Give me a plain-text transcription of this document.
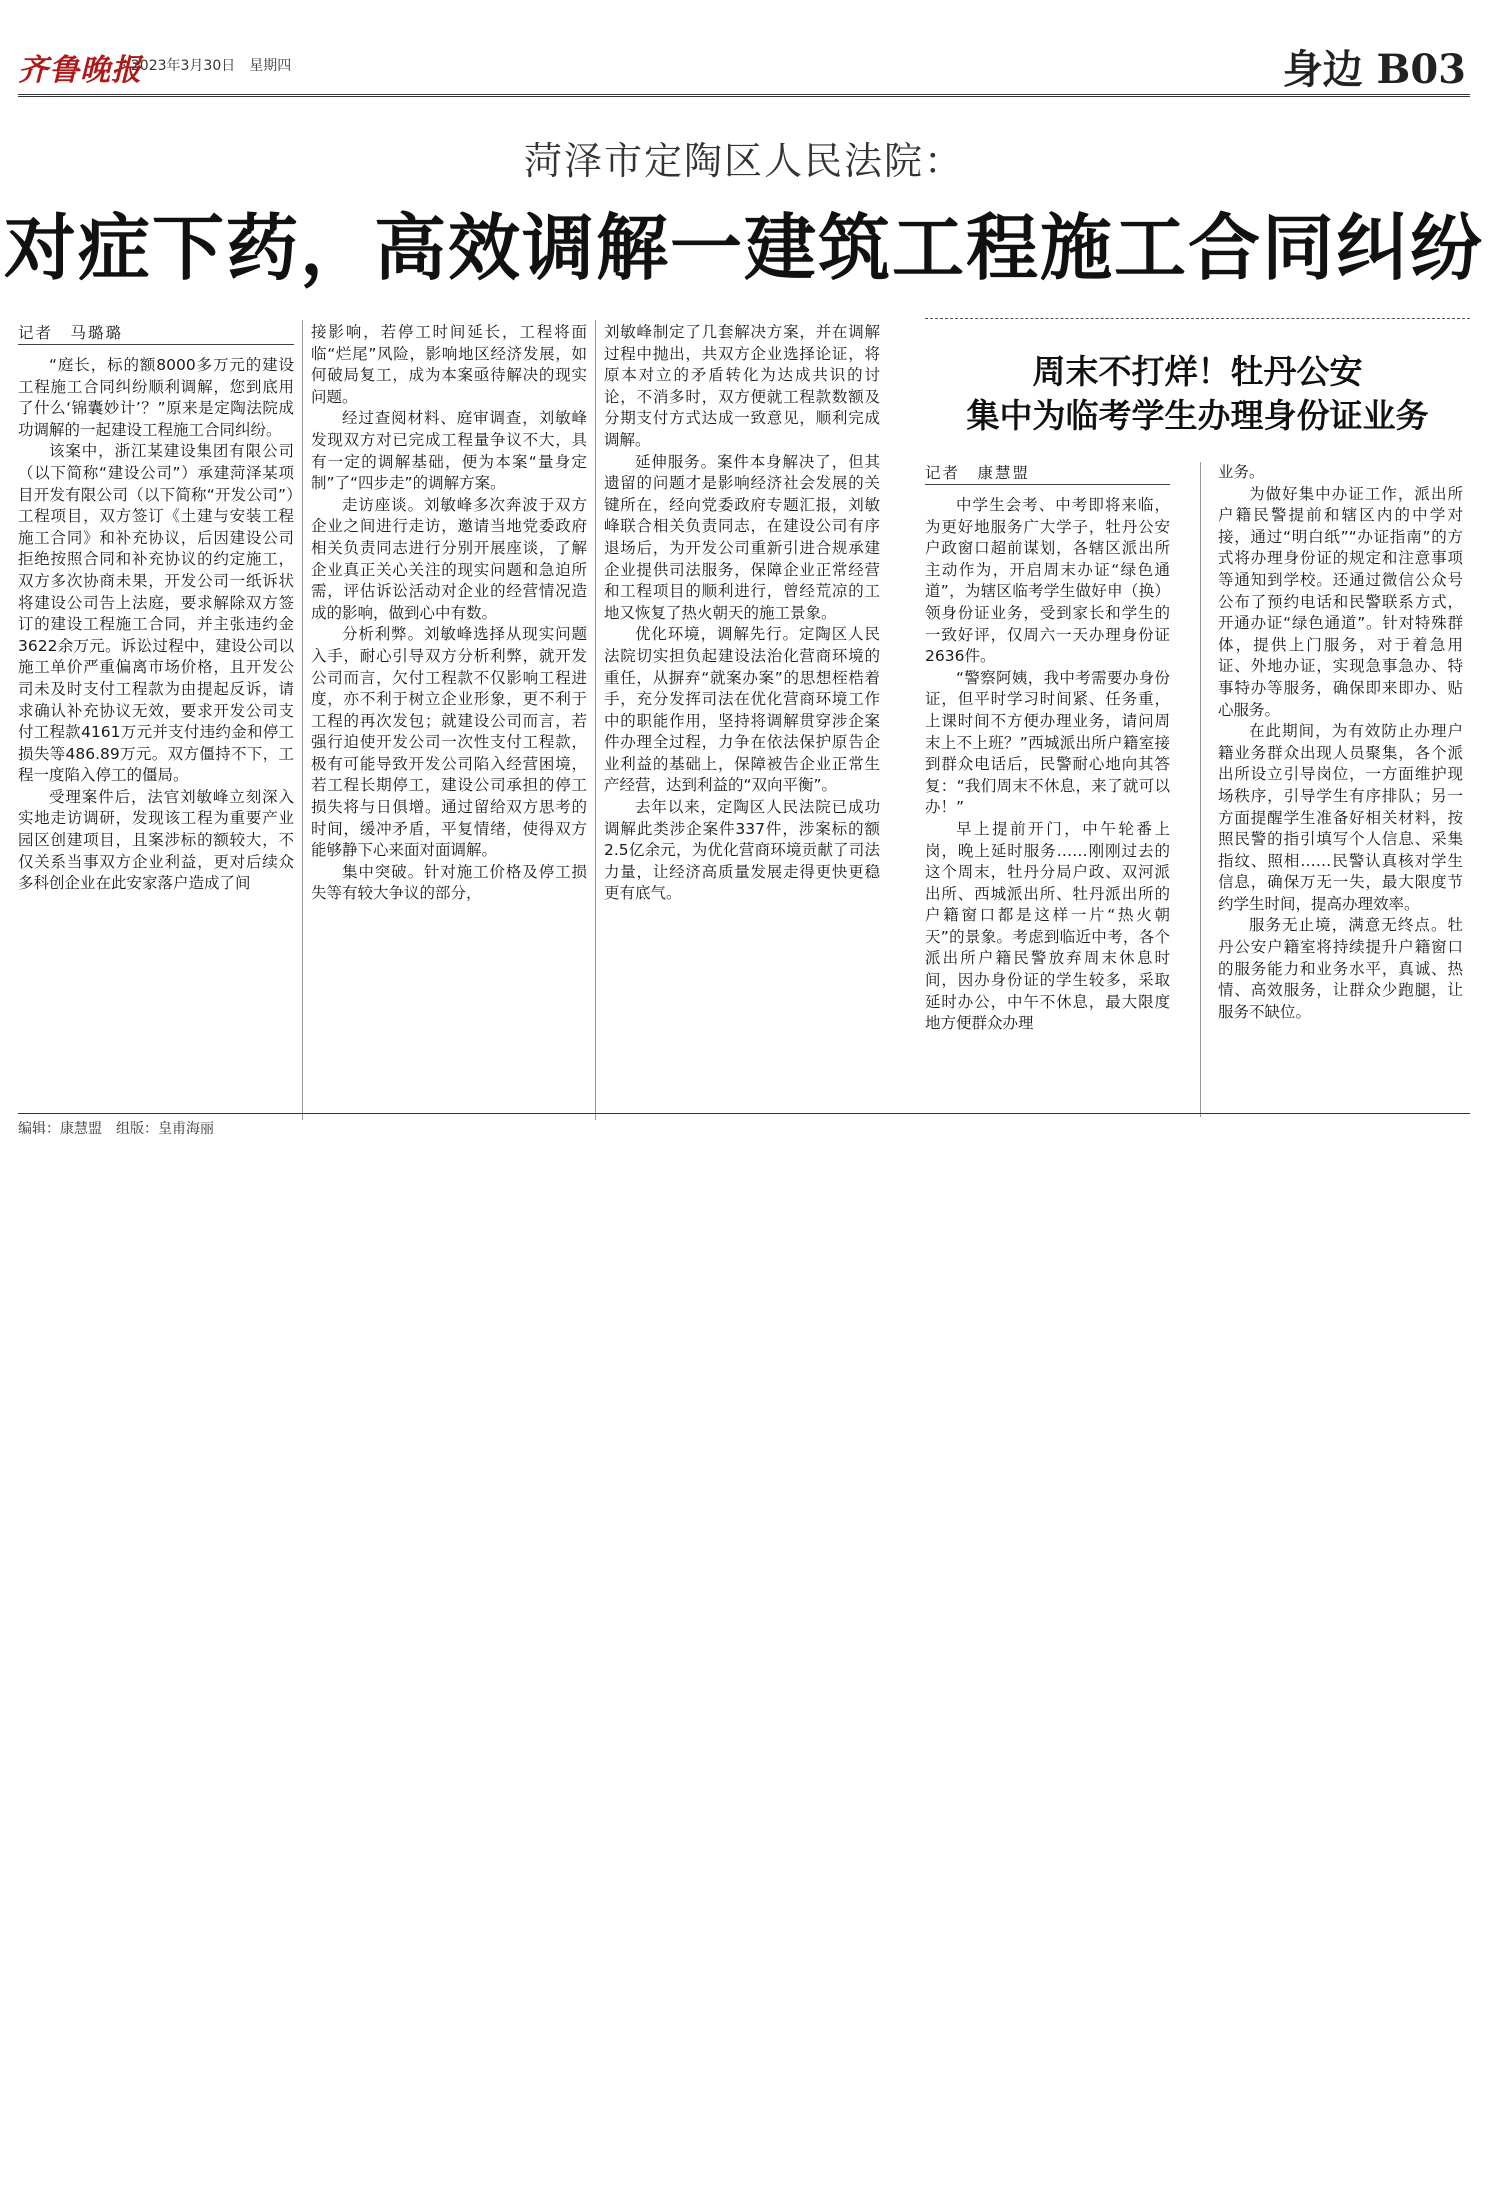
齐鲁晚报
· 2023年3月30日　星期四	身边 B03
菏泽市定陶区人民法院：
对症下药，高效调解一建筑工程施工合同纠纷
记者　马璐璐

“庭长，标的额8000多万元的建设工程施工合同纠纷顺利调解，您到底用了什么‘锦囊妙计’？”原来是定陶法院成功调解的一起建设工程施工合同纠纷。

该案中，浙江某建设集团有限公司（以下简称“建设公司”）承建菏泽某项目开发有限公司（以下简称“开发公司”）工程项目，双方签订《土建与安装工程施工合同》和补充协议，后因建设公司拒绝按照合同和补充协议的约定施工，双方多次协商未果，开发公司一纸诉状将建设公司告上法庭，要求解除双方签订的建设工程施工合同，并主张违约金3622余万元。诉讼过程中，建设公司以施工单价严重偏离市场价格，且开发公司未及时支付工程款为由提起反诉，请求确认补充协议无效，要求开发公司支付工程款4161万元并支付违约金和停工损失等486.89万元。双方僵持不下，工程一度陷入停工的僵局。

受理案件后，法官刘敏峰立刻深入实地走访调研，发现该工程为重要产业园区创建项目，且案涉标的额较大，不仅关系当事双方企业利益，更对后续众多科创企业在此安家落户造成了间

接影响，若停工时间延长，工程将面临“烂尾”风险，影响地区经济发展，如何破局复工，成为本案亟待解决的现实问题。

经过查阅材料、庭审调查，刘敏峰发现双方对已完成工程量争议不大，具有一定的调解基础，便为本案“量身定制”了“四步走”的调解方案。

走访座谈。刘敏峰多次奔波于双方企业之间进行走访，邀请当地党委政府相关负责同志进行分别开展座谈，了解企业真正关心关注的现实问题和急迫所需，评估诉讼活动对企业的经营情况造成的影响，做到心中有数。

分析利弊。刘敏峰选择从现实问题入手，耐心引导双方分析利弊，就开发公司而言，欠付工程款不仅影响工程进度，亦不利于树立企业形象，更不利于工程的再次发包；就建设公司而言，若强行迫使开发公司一次性支付工程款，极有可能导致开发公司陷入经营困境，若工程长期停工，建设公司承担的停工损失将与日俱增。通过留给双方思考的时间，缓冲矛盾，平复情绪，使得双方能够静下心来面对面调解。

集中突破。针对施工价格及停工损失等有较大争议的部分，

刘敏峰制定了几套解决方案，并在调解过程中抛出，共双方企业选择论证，将原本对立的矛盾转化为达成共识的讨论，不消多时，双方便就工程款数额及分期支付方式达成一致意见，顺利完成调解。

延伸服务。案件本身解决了，但其遗留的问题才是影响经济社会发展的关键所在，经向党委政府专题汇报，刘敏峰联合相关负责同志，在建设公司有序退场后，为开发公司重新引进合规承建企业提供司法服务，保障企业正常经营和工程项目的顺利进行，曾经荒凉的工地又恢复了热火朝天的施工景象。

优化环境，调解先行。定陶区人民法院切实担负起建设法治化营商环境的重任，从摒弃“就案办案”的思想桎梏着手，充分发挥司法在优化营商环境工作中的职能作用，坚持将调解贯穿涉企案件办理全过程，力争在依法保护原告企业利益的基础上，保障被告企业正常生产经营，达到利益的“双向平衡”。

去年以来，定陶区人民法院已成功调解此类涉企案件337件，涉案标的额2.5亿余元，为优化营商环境贡献了司法力量，让经济高质量发展走得更快更稳更有底气。

周末不打烊！牡丹公安
集中为临考学生办理身份证业务
记者　康慧盟

中学生会考、中考即将来临，为更好地服务广大学子，牡丹公安户政窗口超前谋划，各辖区派出所主动作为，开启周末办证“绿色通道”，为辖区临考学生做好申（换）领身份证业务，受到家长和学生的一致好评，仅周六一天办理身份证2636件。

“警察阿姨，我中考需要办身份证，但平时学习时间紧、任务重，上课时间不方便办理业务，请问周末上不上班？”西城派出所户籍室接到群众电话后，民警耐心地向其答复：“我们周末不休息，来了就可以办！”

早上提前开门，中午轮番上岗，晚上延时服务……刚刚过去的这个周末，牡丹分局户政、双河派出所、西城派出所、牡丹派出所的户籍窗口都是这样一片“热火朝天”的景象。考虑到临近中考，各个派出所户籍民警放弃周末休息时间，因办身份证的学生较多，采取延时办公，中午不休息，最大限度地方便群众办理

业务。

为做好集中办证工作，派出所户籍民警提前和辖区内的中学对接，通过“明白纸”“办证指南”的方式将办理身份证的规定和注意事项等通知到学校。还通过微信公众号公布了预约电话和民警联系方式，开通办证“绿色通道”。针对特殊群体，提供上门服务，对于着急用证、外地办证，实现急事急办、特事特办等服务，确保即来即办、贴心服务。

在此期间，为有效防止办理户籍业务群众出现人员聚集，各个派出所设立引导岗位，一方面维护现场秩序，引导学生有序排队；另一方面提醒学生准备好相关材料，按照民警的指引填写个人信息、采集指纹、照相……民警认真核对学生信息，确保万无一失，最大限度节约学生时间，提高办理效率。

服务无止境，满意无终点。牡丹公安户籍室将持续提升户籍窗口的服务能力和业务水平，真诚、热情、高效服务，让群众少跑腿，让服务不缺位。

编辑：康慧盟　组版：皇甫海丽
